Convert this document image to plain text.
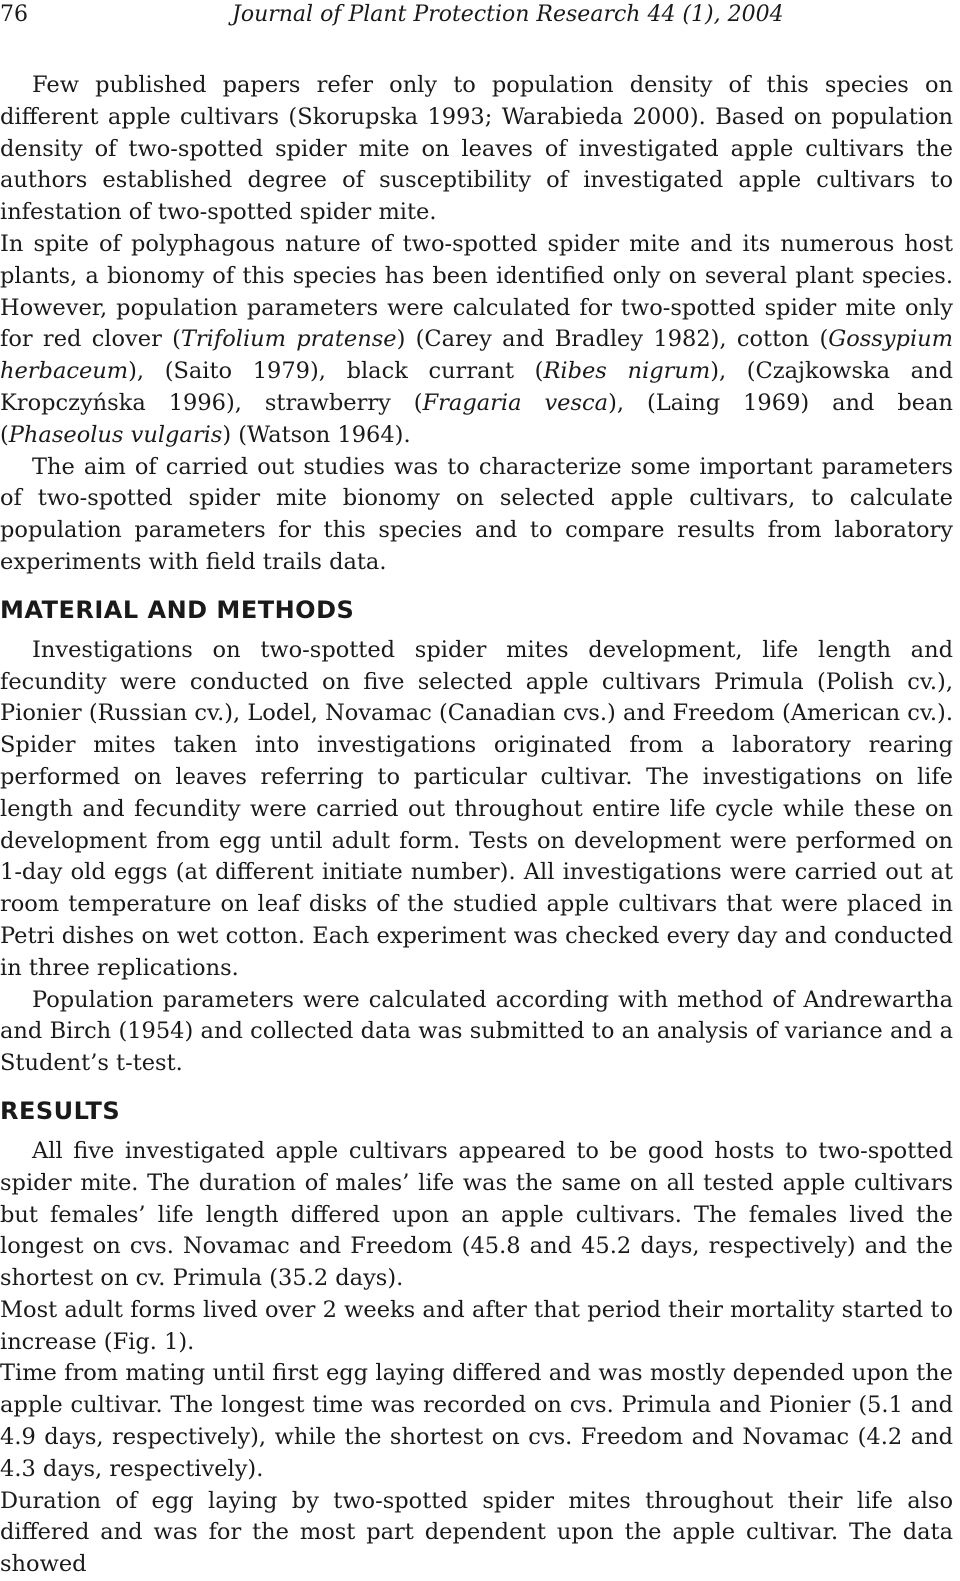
76	Journal of Plant Protection Research 44 (1), 2004

Few published papers refer only to population density of this species on different apple cultivars (Skorupska 1993; Warabieda 2000). Based on population density of two-spotted spider mite on leaves of investigated apple cultivars the authors established degree of susceptibility of investigated apple cultivars to infestation of two-spotted spider mite.

In spite of polyphagous nature of two-spotted spider mite and its numerous host plants, a bionomy of this species has been identified only on several plant species. However, population parameters were calculated for two-spotted spider mite only for red clover (Trifolium pratense) (Carey and Bradley 1982), cotton (Gossypium herbaceum), (Saito 1979), black currant (Ribes nigrum), (Czajkowska and Kropczyńska 1996), strawberry (Fragaria vesca), (Laing 1969) and bean (Phaseolus vulgaris) (Watson 1964).

The aim of carried out studies was to characterize some important parameters of two-spotted spider mite bionomy on selected apple cultivars, to calculate population parameters for this species and to compare results from laboratory experiments with field trails data.

MATERIAL AND METHODS

Investigations on two-spotted spider mites development, life length and fecundity were conducted on five selected apple cultivars Primula (Polish cv.), Pionier (Russian cv.), Lodel, Novamac (Canadian cvs.) and Freedom (American cv.). Spider mites taken into investigations originated from a laboratory rearing performed on leaves referring to particular cultivar. The investigations on life length and fecundity were carried out throughout entire life cycle while these on development from egg until adult form. Tests on development were performed on 1-day old eggs (at different initiate number). All investigations were carried out at room temperature on leaf disks of the studied apple cultivars that were placed in Petri dishes on wet cotton. Each experiment was checked every day and conducted in three replications.

Population parameters were calculated according with method of Andrewartha and Birch (1954) and collected data was submitted to an analysis of variance and a Student’s t-test.

RESULTS

All five investigated apple cultivars appeared to be good hosts to two-spotted spider mite. The duration of males’ life was the same on all tested apple cultivars but females’ life length differed upon an apple cultivars. The females lived the longest on cvs. Novamac and Freedom (45.8 and 45.2 days, respectively) and the shortest on cv. Primula (35.2 days).

Most adult forms lived over 2 weeks and after that period their mortality started to increase (Fig. 1).

Time from mating until first egg laying differed and was mostly depended upon the apple cultivar. The longest time was recorded on cvs. Primula and Pionier (5.1 and 4.9 days, respectively), while the shortest on cvs. Freedom and Novamac (4.2 and 4.3 days, respectively).

Duration of egg laying by two-spotted spider mites throughout their life also differed and was for the most part dependent upon the apple cultivar. The data showed
